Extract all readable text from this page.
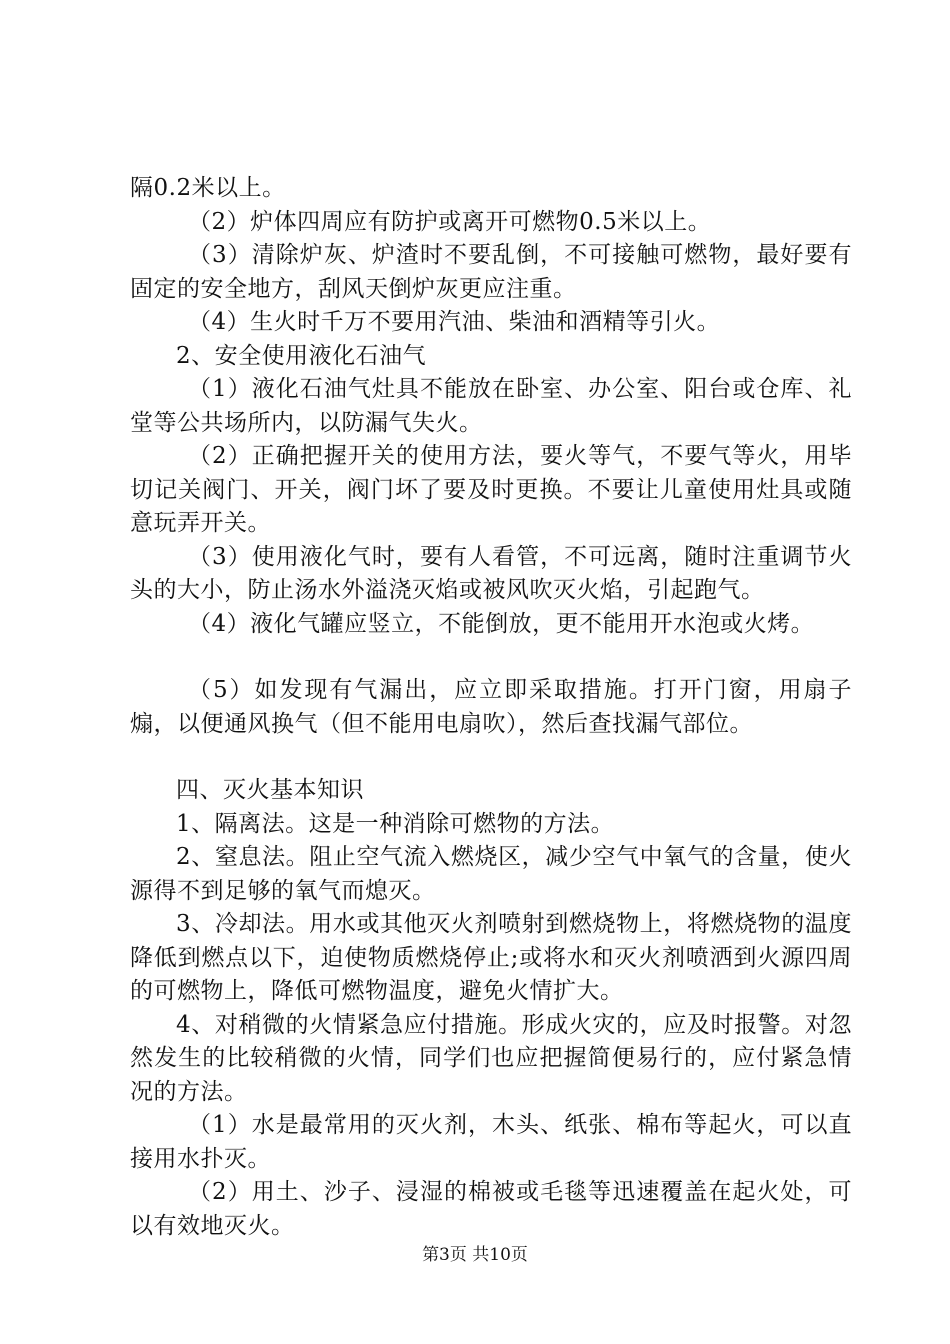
隔0.2米以上。

（2）炉体四周应有防护或离开可燃物0.5米以上。

（3）清除炉灰、炉渣时不要乱倒，不可接触可燃物，最好要有固定的安全地方，刮风天倒炉灰更应注重。

（4）生火时千万不要用汽油、柴油和酒精等引火。

2、安全使用液化石油气

（1）液化石油气灶具不能放在卧室、办公室、阳台或仓库、礼堂等公共场所内，以防漏气失火。

（2）正确把握开关的使用方法，要火等气，不要气等火，用毕切记关阀门、开关，阀门坏了要及时更换。不要让儿童使用灶具或随意玩弄开关。

（3）使用液化气时，要有人看管，不可远离，随时注重调节火头的大小，防止汤水外溢浇灭焰或被风吹灭火焰，引起跑气。

（4）液化气罐应竖立，不能倒放，更不能用开水泡或火烤。

（5）如发现有气漏出，应立即采取措施。打开门窗，用扇子煽，以便通风换气（但不能用电扇吹），然后查找漏气部位。

四、灭火基本知识

1、隔离法。这是一种消除可燃物的方法。

2、窒息法。阻止空气流入燃烧区，减少空气中氧气的含量，使火源得不到足够的氧气而熄灭。

3、冷却法。用水或其他灭火剂喷射到燃烧物上，将燃烧物的温度降低到燃点以下，迫使物质燃烧停止;或将水和灭火剂喷洒到火源四周的可燃物上，降低可燃物温度，避免火情扩大。

4、对稍微的火情紧急应付措施。形成火灾的，应及时报警。对忽然发生的比较稍微的火情，同学们也应把握简便易行的，应付紧急情况的方法。

（1）水是最常用的灭火剂，木头、纸张、棉布等起火，可以直接用水扑灭。

（2）用土、沙子、浸湿的棉被或毛毯等迅速覆盖在起火处，可以有效地灭火。

第3页 共10页
